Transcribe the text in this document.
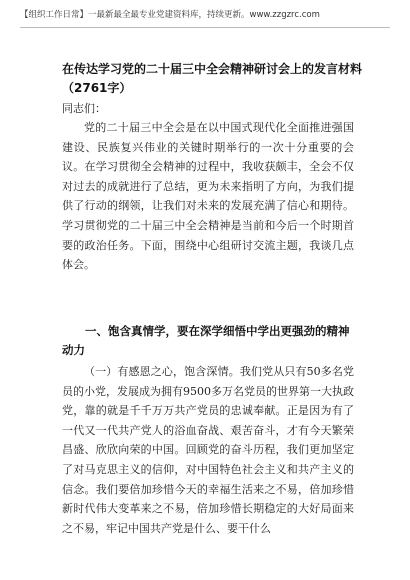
【组织工作日常】一最新最全最专业党建资料库，持续更新。www.zzgzrc.com
在传达学习党的二十届三中全会精神研讨会上的发言材料（2761字）
同志们：

党的二十届三中全会是在以中国式现代化全面推进强国建设、民族复兴伟业的关键时期举行的一次十分重要的会议。在学习贯彻全会精神的过程中，我收获颇丰，全会不仅对过去的成就进行了总结，更为未来指明了方向，为我们提供了行动的纲领，让我们对未来的发展充满了信心和期待。学习贯彻党的二十届三中全会精神是当前和今后一个时期首要的政治任务。下面，围绕中心组研讨交流主题，我谈几点体会。

一、饱含真情学，要在深学细悟中学出更强劲的精神动力

（一）有感恩之心，饱含深情。我们党从只有50多名党员的小党，发展成为拥有9500多万名党员的世界第一大执政党，靠的就是千千万万共产党员的忠诚奉献。正是因为有了一代又一代共产党人的浴血奋战、艰苦奋斗，才有今天繁荣昌盛、欣欣向荣的中国。回顾党的奋斗历程，我们更加坚定了对马克思主义的信仰，对中国特色社会主义和共产主义的信念。我们要倍加珍惜今天的幸福生活来之不易，倍加珍惜新时代伟大变革来之不易，倍加珍惜长期稳定的大好局面来之不易，牢记中国共产党是什么、要干什么
